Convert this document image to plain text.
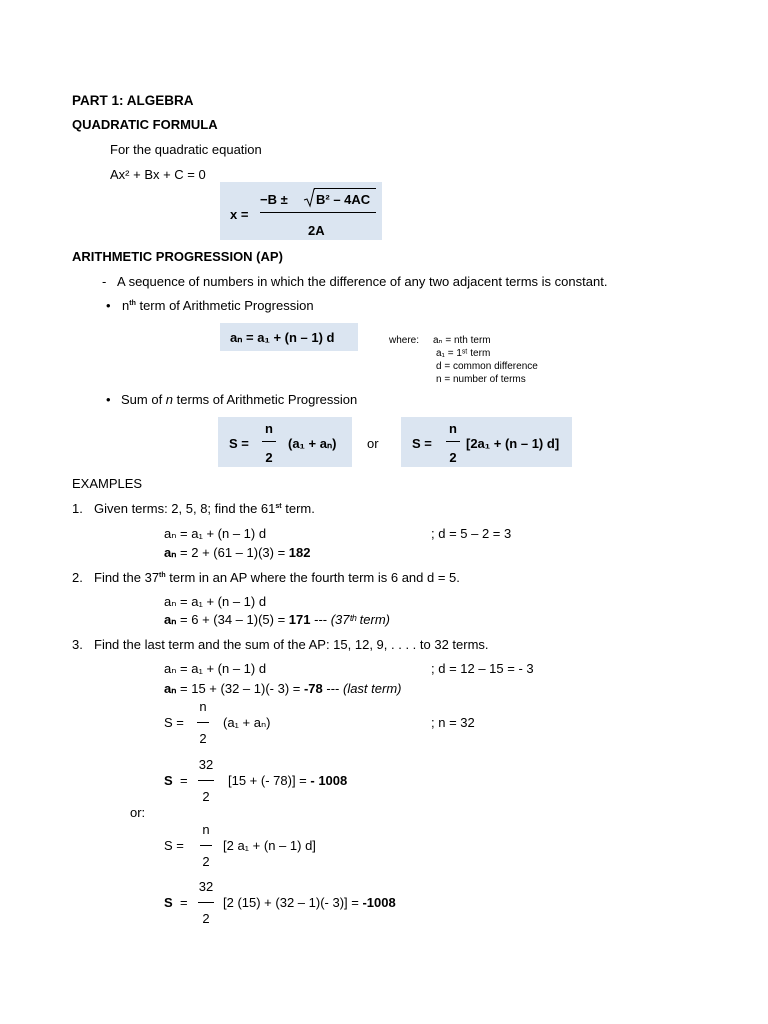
PART 1: ALGEBRA
QUADRATIC FORMULA
For the quadratic equation
Ax² + Bx + C = 0
x =
−B ± B² – 4AC
2A
ARITHMETIC PROGRESSION (AP)
- A sequence of numbers in which the difference of any two adjacent terms is constant.
• $n^{th}$ term of Arithmetic Progression
aₙ = a₁ + (n – 1) d	where: aₙ = nth term
a₁ = 1ˢᵗ term
d = common difference
n = number of terms
• Sum of n terms of Arithmetic Progression
S =
n
2
(a₁ + aₙ) or	S =
n
2
[2a₁ + (n – 1) d]
EXAMPLES
1. Given terms: 2, 5, 8; find the 61st term.
aₙ = a₁ + (n – 1) d	; d = 5 – 2 = 3
aₙ = 2 + (61 – 1)(3) = 182
2. Find the 37th term in an AP where the fourth term is 6 and d = 5.
aₙ = a₁ + (n – 1) d
aₙ = 6 + (34 – 1)(5) = 171 --- (37ᵗʰ term)
3. Find the last term and the sum of the AP: 15, 12, 9, . . . . to 32 terms.
aₙ = a₁ + (n – 1) d	; d = 12 – 15 = - 3
aₙ = 15 + (32 – 1)(- 3) = -78 --- (last term)
S =
n
2
(a₁ + aₙ)	; n = 32
S =
32
2
[15 + (- 78)] = - 1008
or:
S =
n
2
[2 a₁ + (n – 1) d]
S =
32
2
[2 (15) + (32 – 1)(- 3)] = -1008
